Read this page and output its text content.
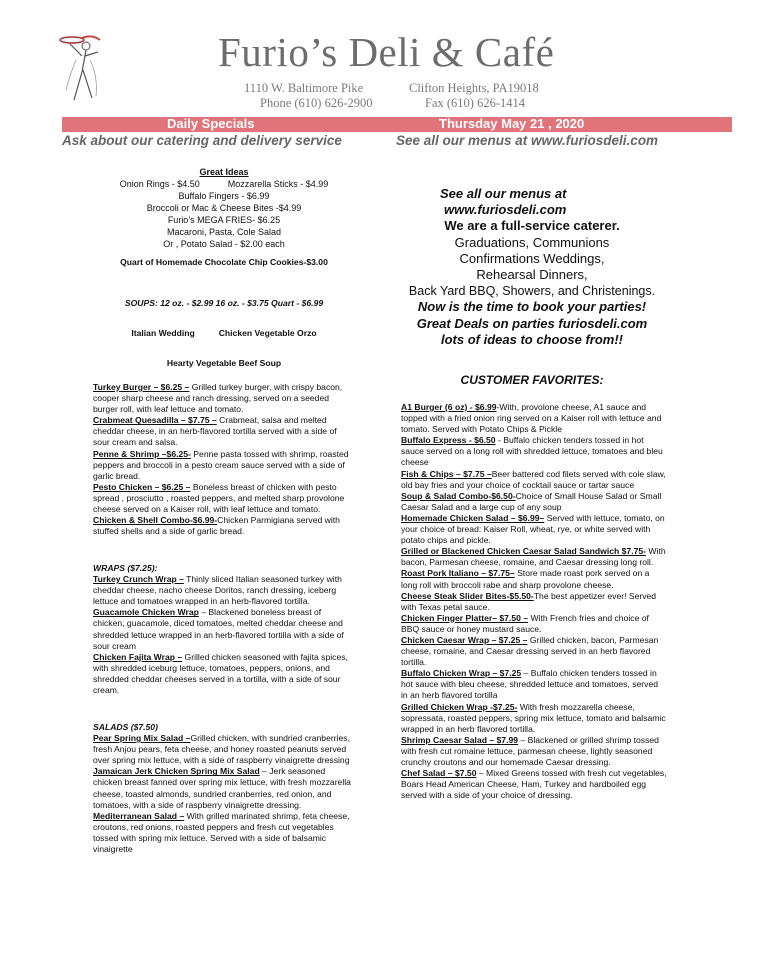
Furio’s Deli & Café
1110 W. Baltimore Pike	Clifton Heights, PA19018
Phone (610) 626-2900	Fax (610) 626-1414
Daily Specials	Thursday May 21 , 2020
Ask about our catering and delivery service	See all our menus at www.furiosdeli.com
Great Ideas
Onion Rings - $4.50	Mozzarella Sticks - $4.99
Buffalo Fingers - $6.99
Broccoli or Mac & Cheese Bites -$4.99
Furio’s MEGA FRIES- $6.25
Macaroni, Pasta, Cole Salad
Or , Potato Salad - $2.00 each
Quart of Homemade Chocolate Chip Cookies-$3.00
SOUPS: 12 oz. - $2.99 16 oz. - $3.75 Quart - $6.99
Italian Wedding	Chicken Vegetable Orzo
Hearty Vegetable Beef Soup

Turkey Burger – $6.25 – Grilled turkey burger, with crispy bacon, cooper sharp cheese and ranch dressing, served on a seeded burger roll, with leaf lettuce and tomato.

Crabmeat Quesadilla – $7.75 – Crabmeat, salsa and melted cheddar cheese, in an herb-flavored tortilla served with a side of sour cream and salsa.

Penne & Shrimp –$6.25- Penne pasta tossed with shrimp, roasted peppers and broccoli in a pesto cream sauce served with a side of garlic bread.

Pesto Chicken – $6.25 – Boneless breast of chicken with pesto spread , prosciutto , roasted peppers, and melted sharp provolone cheese served on a Kaiser roll, with leaf lettuce and tomato.

Chicken & Shell Combo-$6.99-Chicken Parmigiana served with stuffed shells and a side of garlic bread.

WRAPS ($7.25):

Turkey Crunch Wrap – Thinly sliced Italian seasoned turkey with cheddar cheese, nacho cheese Doritos, ranch dressing, iceberg lettuce and tomatoes wrapped in an herb-flavored tortilla.

Guacamole Chicken Wrap – Blackened boneless breast of chicken, guacamole, diced tomatoes, melted cheddar cheese and shredded lettuce wrapped in an herb-flavored tortilla with a side of sour cream

Chicken Fajita Wrap – Grilled chicken seasoned with fajita spices, with shredded iceburg lettuce, tomatoes, peppers, onions, and shredded cheddar cheeses served in a tortilla, with a side of sour cream.

SALADS ($7.50)

Pear Spring Mix Salad –Grilled chicken, with sundried cranberries, fresh Anjou pears, feta cheese, and honey roasted peanuts served over spring mix lettuce, with a side of raspberry vinaigrette dressing

Jamaican Jerk Chicken Spring Mix Salad – Jerk seasoned chicken breast fanned over spring mix lettuce, with fresh mozzarella cheese, toasted almonds, sundried cranberries, red onion, and tomatoes, with a side of raspberry vinaigrette dressing.

Mediterranean Salad – With grilled marinated shrimp, feta cheese, croutons, red onions, roasted peppers and fresh cut vegetables tossed with spring mix lettuce. Served with a side of balsamic vinaigrette

See all our menus at
www.furiosdeli.com
We are a full-service caterer.
Graduations, Communions
Confirmations Weddings,
Rehearsal Dinners,
Back Yard BBQ, Showers, and Christenings.
Now is the time to book your parties!
Great Deals on parties furiosdeli.com
lots of ideas to choose from!!
CUSTOMER FAVORITES:

A1 Burger (6 oz) - $6.99-With, provolone cheese, A1 sauce and topped with a fried onion ring served on a Kaiser roll with lettuce and tomato. Served with Potato Chips & Pickle

Buffalo Express - $6.50 - Buffalo chicken tenders tossed in hot sauce served on a long roll with shredded lettuce, tomatoes and bleu cheese

Fish & Chips – $7.75 –Beer battered cod filets served with cole slaw, old bay fries and your choice of cocktail sauce or tartar sauce

Soup & Salad Combo-$6.50-Choice of Small House Salad or Small Caesar Salad and a large cup of any soup

Homemade Chicken Salad – $6.99– Served with lettuce, tomato, on your choice of bread: Kaiser Roll, wheat, rye, or white served with potato chips and pickle.

Grilled or Blackened Chicken Caesar Salad Sandwich $7.75- With bacon, Parmesan cheese, romaine, and Caesar dressing long roll.

Roast Pork Italiano – $7.75– Store made roast pork served on a long roll with broccoli rabe and sharp provolone cheese.

Cheese Steak Slider Bites-$5.50-The best appetizer ever! Served with Texas petal sauce.

Chicken Finger Platter– $7.50 – With French fries and choice of BBQ sauce or honey mustard sauce.

Chicken Caesar Wrap – $7.25 – Grilled chicken, bacon, Parmesan cheese, romaine, and Caesar dressing served in an herb flavored tortilla.

Buffalo Chicken Wrap – $7.25 – Buffalo chicken tenders tossed in hot sauce with bleu cheese, shredded lettuce and tomatoes, served in an herb flavored tortilla

Grilled Chicken Wrap -$7.25- With fresh mozzarella cheese, sopressata, roasted peppers, spring mix lettuce, tomato and balsamic wrapped in an herb flavored tortilla.

Shrimp Caesar Salad – $7.99 – Blackened or grilled shrimp tossed with fresh cut romaine lettuce, parmesan cheese, lightly seasoned crunchy croutons and our homemade Caesar dressing.

Chef Salad – $7.50 – Mixed Greens tossed with fresh cut vegetables, Boars Head American Cheese, Ham, Turkey and hardboiled egg served with a side of your choice of dressing.
